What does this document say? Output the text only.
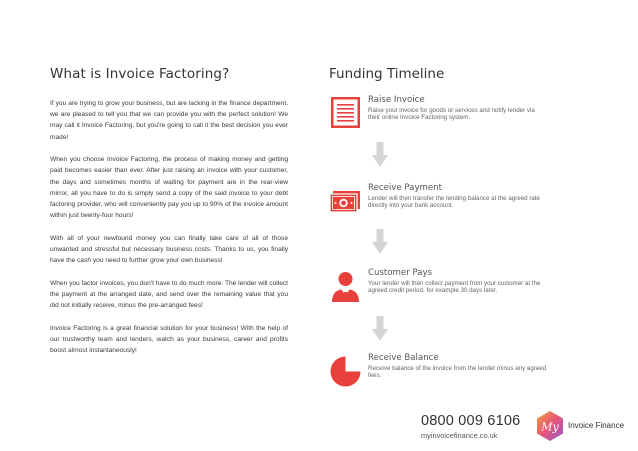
What is Invoice Factoring?

If you are trying to grow your business, but are lacking in the finance department, we are pleased to tell you that we can provide you with the perfect solution! We may call it Invoice Factoring, but you're going to call it the best decision you ever made!

When you choose Invoice Factoring, the process of making money and getting paid becomes easier than ever. After just raising an invoice with your customer, the days and sometimes months of waiting for payment are in the rear-view mirror, all you have to do is simply send a copy of the said invoice to your debt factoring provider, who will conveniently pay you up to 90% of the invoice amount within just twenty-four hours!

With all of your newfound money you can finally take care of all of those unwanted and stressful but necessary business costs. Thanks to us, you finally have the cash you need to further grow your own business!

When you factor invoices, you don't have to do much more. The lender will collect the payment at the arranged date, and send over the remaining value that you did not initially receive, minus the pre-arranged fees!

Invoice Factoring is a great financial solution for your business! With the help of our trustworthy team and lenders, watch as your business, career and profits boost almost instantaneously!

Funding Timeline
Raise Invoice
Raise your invoice for goods or services and notify lender via their online Invoice Factoring system.
Receive Payment
Lender will then transfer the lending balance at the agreed rate directly into your bank account.
Customer Pays
Your lender will then collect payment from your customer at the agreed credit period, for example 30 days later.
Receive Balance
Receive balance of the invoice from the lender minus any agreed fees.
0800 009 6106
myinvoicefinance.co.uk
My Invoice Finance
